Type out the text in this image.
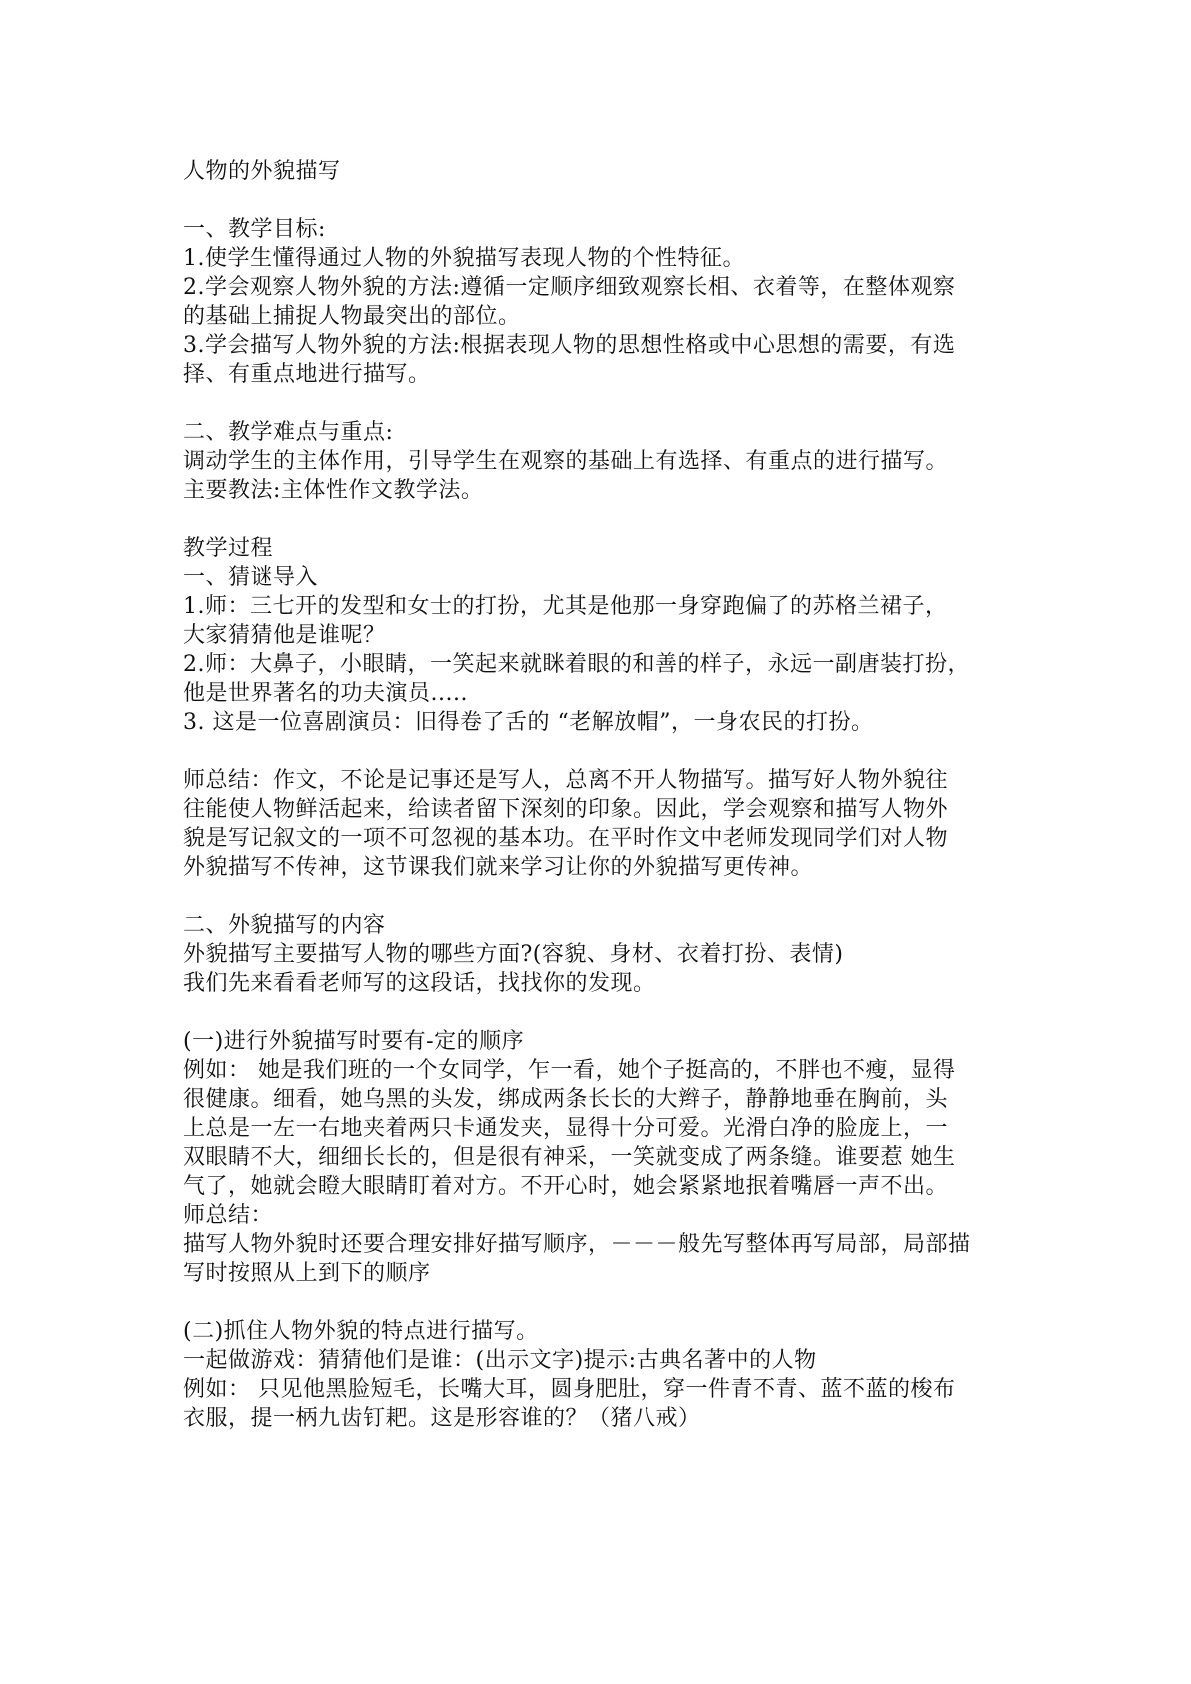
人物的外貌描写

一、教学目标:

1.使学生懂得通过人物的外貌描写表现人物的个性特征。

2.学会观察人物外貌的方法:遵循一定顺序细致观察长相、衣着等，在整体观察

的基础上捕捉人物最突出的部位。

3.学会描写人物外貌的方法:根据表现人物的思想性格或中心思想的需要，有选

择、有重点地进行描写。

二、教学难点与重点:

调动学生的主体作用，引导学生在观察的基础上有选择、有重点的进行描写。

主要教法:主体性作文教学法。

教学过程

一、猜谜导入

1.师：三七开的发型和女士的打扮，尤其是他那一身穿跑偏了的苏格兰裙子，

大家猜猜他是谁呢？

2.师：大鼻子，小眼睛，一笑起来就眯着眼的和善的样子，永远一副唐装打扮，

他是世界著名的功夫演员.....

3. 这是一位喜剧演员：旧得卷了舌的 “老解放帽”，一身农民的打扮。

师总结：作文，不论是记事还是写人，总离不开人物描写。描写好人物外貌往

往能使人物鲜活起来，给读者留下深刻的印象。因此，学会观察和描写人物外

貌是写记叙文的一项不可忽视的基本功。在平时作文中老师发现同学们对人物

外貌描写不传神，这节课我们就来学习让你的外貌描写更传神。

二、外貌描写的内容

外貌描写主要描写人物的哪些方面?(容貌、身材、衣着打扮、表情)

我们先来看看老师写的这段话，找找你的发现。

(一)进行外貌描写时要有-定的顺序

例如： 她是我们班的一个女同学，乍一看，她个子挺高的，不胖也不瘦，显得

很健康。细看，她乌黑的头发，绑成两条长长的大辫子，静静地垂在胸前，头

上总是一左一右地夹着两只卡通发夹，显得十分可爱。光滑白净的脸庞上，一

双眼睛不大，细细长长的，但是很有神采，一笑就变成了两条缝。谁要惹 她生

气了，她就会瞪大眼睛盯着对方。不开心时，她会紧紧地抿着嘴唇一声不出。

师总结：

描写人物外貌时还要合理安排好描写顺序，－－－般先写整体再写局部，局部描

写时按照从上到下的顺序

(二)抓住人物外貌的特点进行描写。

一起做游戏：猜猜他们是谁：(出示文字)提示:古典名著中的人物

例如： 只见他黑脸短毛，长嘴大耳，圆身肥肚，穿一件青不青、蓝不蓝的梭布

衣服，提一柄九齿钉耙。这是形容谁的？（猪八戒）
